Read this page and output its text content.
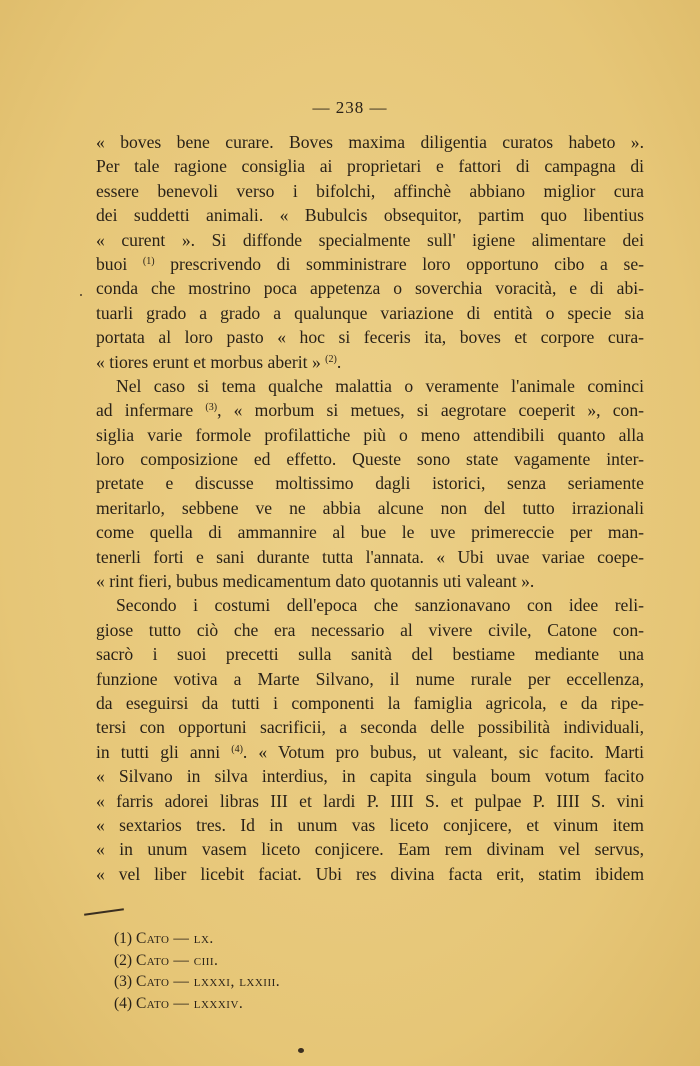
— 238 —
« boves bene curare. Boves maxima diligentia curatos habeto ».
Per tale ragione consiglia ai proprietari e fattori di campagna di
essere benevoli verso i bifolchi, affinchè abbiano miglior cura
dei suddetti animali. « Bubulcis obsequitor, partim quo libentius
« curent ». Si diffonde specialmente sull' igiene alimentare dei
buoi $^{(1)}$ prescrivendo di somministrare loro opportuno cibo a se-
conda che mostrino poca appetenza o soverchia voracità, e di abi-
tuarli grado a grado a qualunque variazione di entità o specie sia
portata al loro pasto « hoc si feceris ita, boves et corpore cura-
« tiores erunt et morbus aberit » $^{(2)}$.
Nel caso si tema qualche malattia o veramente l'animale cominci
ad infermare $^{(3)}$, « morbum si metues, si aegrotare coeperit », con-
siglia varie formole profilattiche più o meno attendibili quanto alla
loro composizione ed effetto. Queste sono state vagamente inter-
pretate e discusse moltissimo dagli istorici, senza seriamente
meritarlo, sebbene ve ne abbia alcune non del tutto irrazionali
come quella di ammannire al bue le uve primereccie per man-
tenerli forti e sani durante tutta l'annata. « Ubi uvae variae coepe-
« rint fieri, bubus medicamentum dato quotannis uti valeant ».
Secondo i costumi dell'epoca che sanzionavano con idee reli-
giose tutto ciò che era necessario al vivere civile, Catone con-
sacrò i suoi precetti sulla sanità del bestiame mediante una
funzione votiva a Marte Silvano, il nume rurale per eccellenza,
da eseguirsi da tutti i componenti la famiglia agricola, e da ripe-
tersi con opportuni sacrificii, a seconda delle possibilità individuali,
in tutti gli anni $^{(4)}$. « Votum pro bubus, ut valeant, sic facito. Marti
« Silvano in silva interdius, in capita singula boum votum facito
« farris adorei libras III et lardi P. IIII S. et pulpae P. IIII S. vini
« sextarios tres. Id in unum vas liceto conjicere, et vinum item
« in unum vasem liceto conjicere. Eam rem divinam vel servus,
« vel liber licebit faciat. Ubi res divina facta erit, statim ibidem
(1) Cato — lx.
(2) Cato — ciii.
(3) Cato — lxxxi, lxxiii.
(4) Cato — lxxxiv.
